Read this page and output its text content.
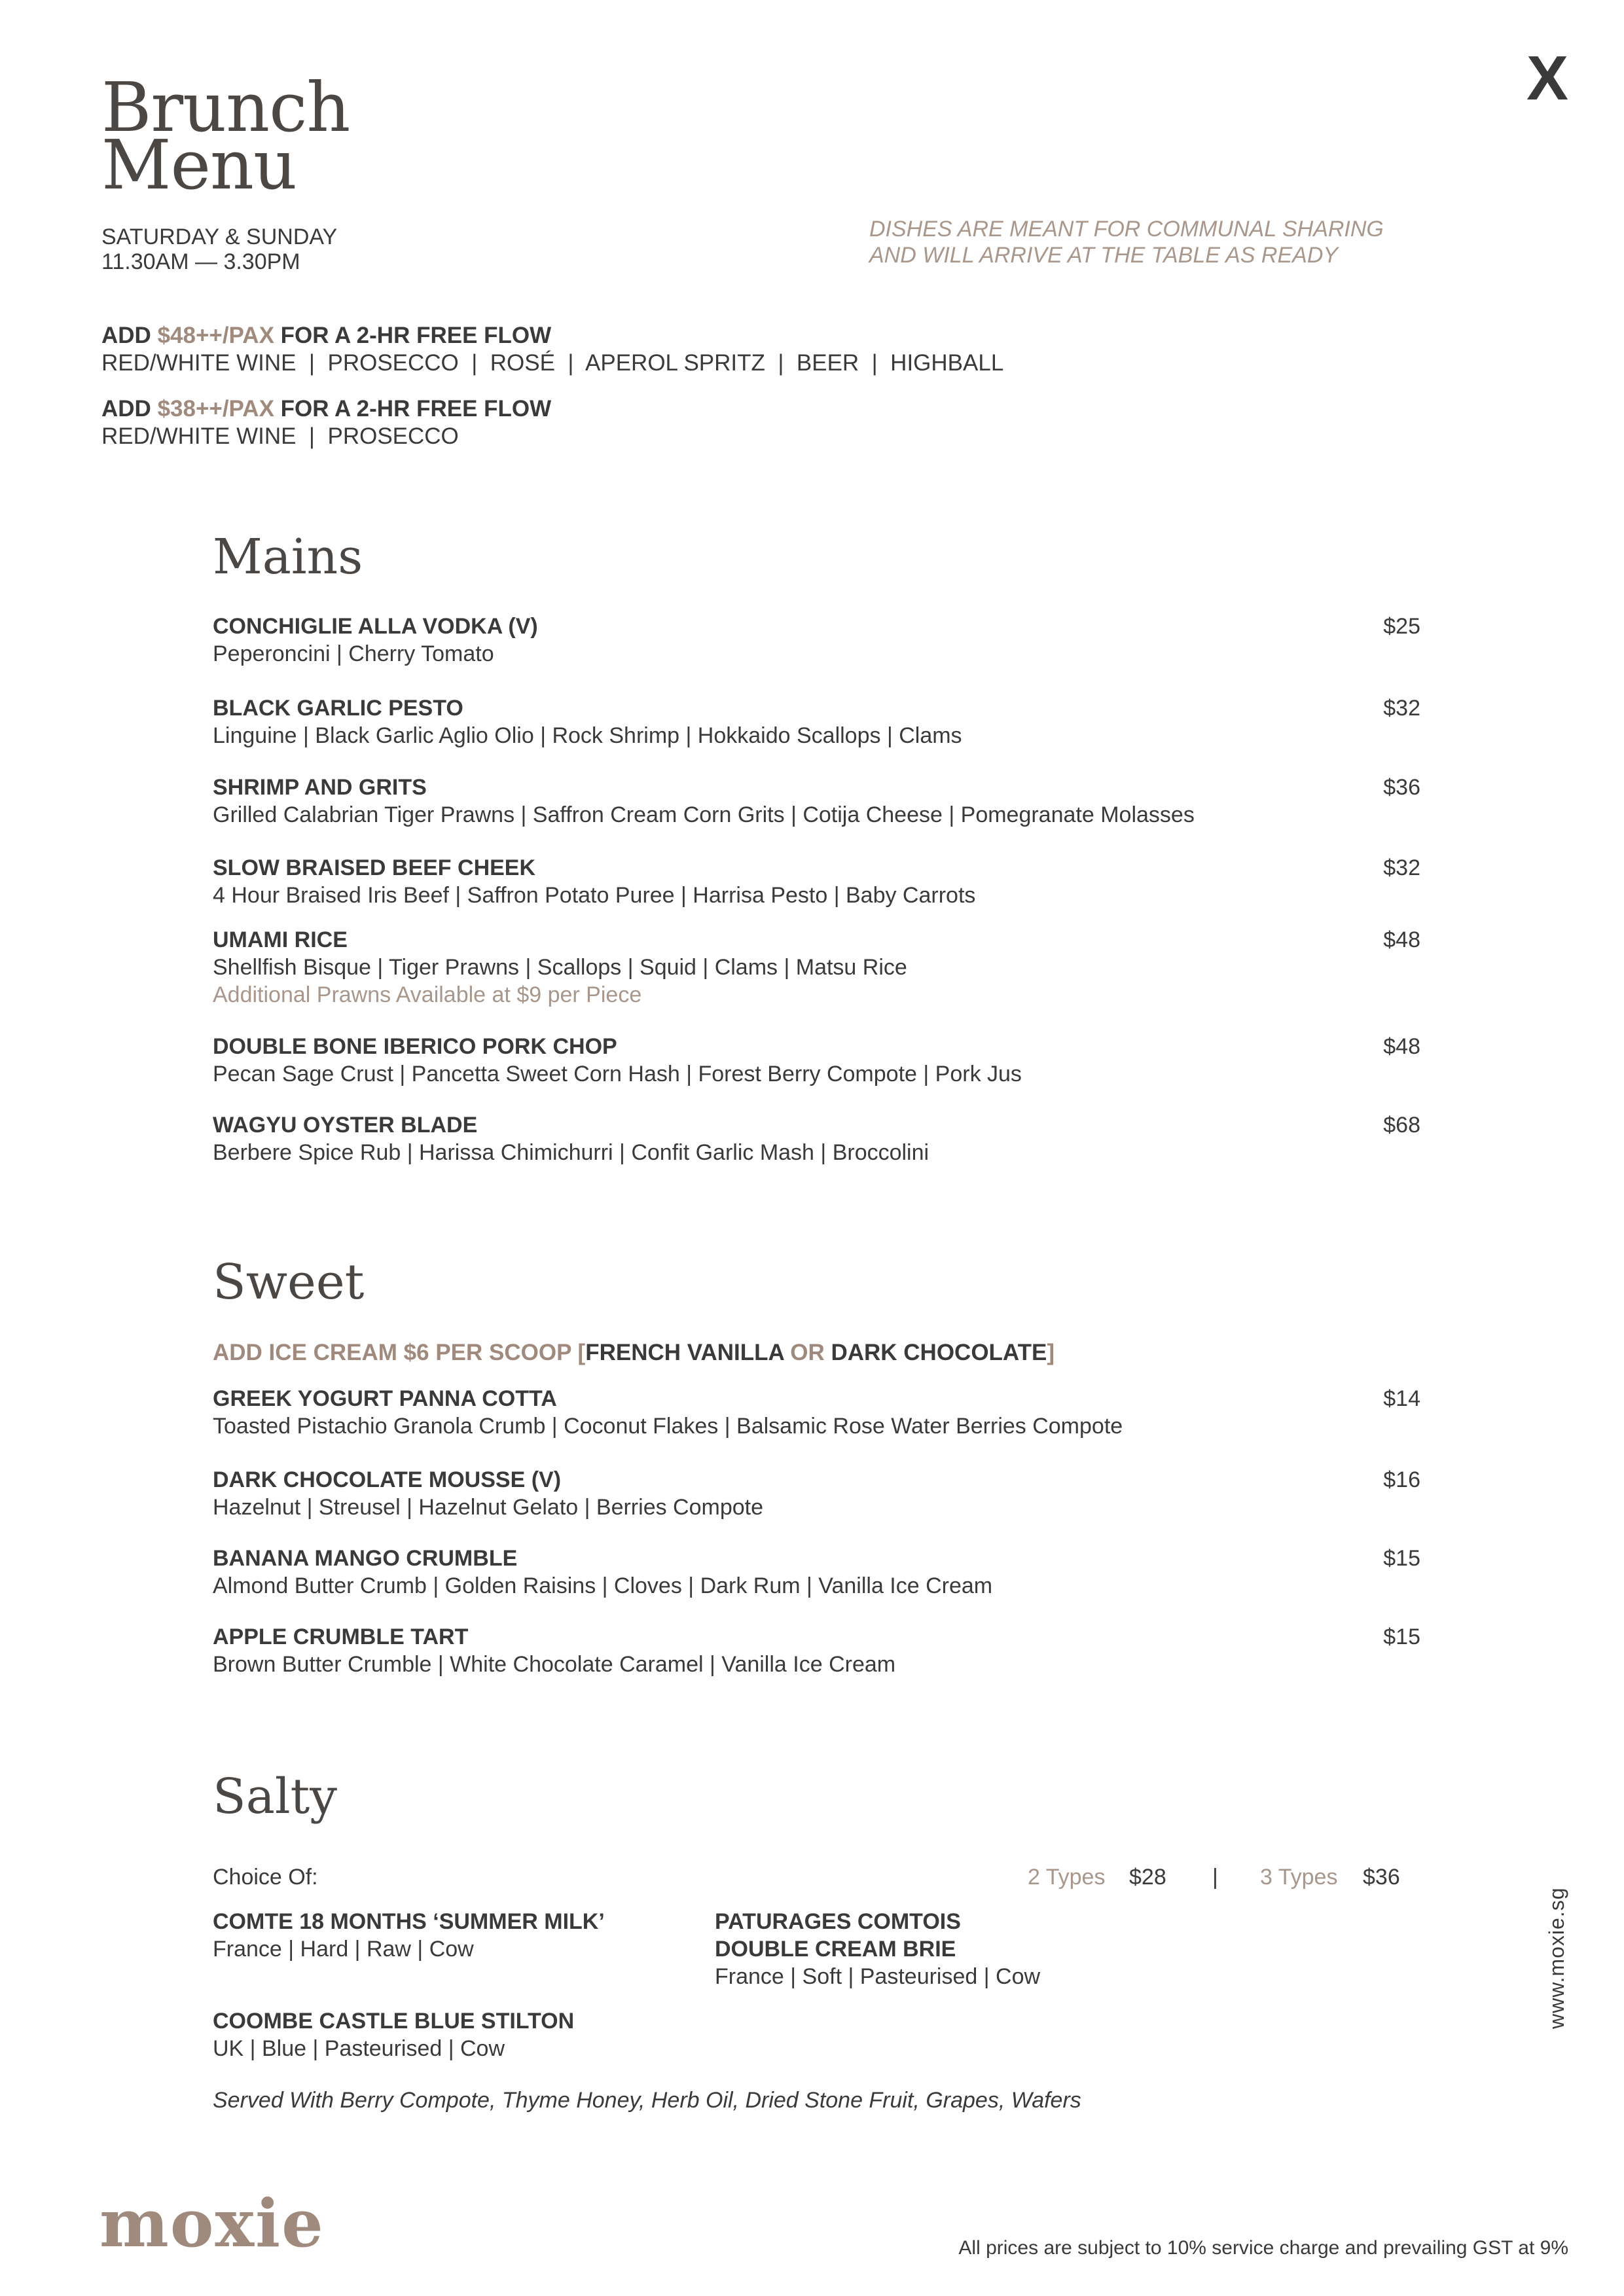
Brunch
Menu
X
SATURDAY & SUNDAY
11.30AM — 3.30PM
DISHES ARE MEANT FOR COMMUNAL SHARING
AND WILL ARRIVE AT THE TABLE AS READY
ADD $48++/PAX FOR A 2-HR FREE FLOW
RED/WHITE WINE  |  PROSECCO  |  ROSÉ  |  APEROL SPRITZ  |  BEER  |  HIGHBALL
ADD $38++/PAX FOR A 2-HR FREE FLOW
RED/WHITE WINE  |  PROSECCO
Mains
CONCHIGLIE ALLA VODKA (V)
Peperoncini | Cherry Tomato
$25
BLACK GARLIC PESTO
Linguine | Black Garlic Aglio Olio | Rock Shrimp | Hokkaido Scallops | Clams
$32
SHRIMP AND GRITS
Grilled Calabrian Tiger Prawns | Saffron Cream Corn Grits | Cotija Cheese | Pomegranate Molasses
$36
SLOW BRAISED BEEF CHEEK
4 Hour Braised Iris Beef | Saffron Potato Puree | Harrisa Pesto | Baby Carrots
$32
UMAMI RICE
Shellfish Bisque | Tiger Prawns | Scallops | Squid | Clams | Matsu Rice
Additional Prawns Available at $9 per Piece
$48
DOUBLE BONE IBERICO PORK CHOP
Pecan Sage Crust | Pancetta Sweet Corn Hash | Forest Berry Compote | Pork Jus
$48
WAGYU OYSTER BLADE
Berbere Spice Rub | Harissa Chimichurri | Confit Garlic Mash | Broccolini
$68
Sweet
ADD ICE CREAM $6 PER SCOOP [FRENCH VANILLA OR DARK CHOCOLATE]
GREEK YOGURT PANNA COTTA
Toasted Pistachio Granola Crumb | Coconut Flakes | Balsamic Rose Water Berries Compote
$14
DARK CHOCOLATE MOUSSE (V)
Hazelnut | Streusel | Hazelnut Gelato | Berries Compote
$16
BANANA MANGO CRUMBLE
Almond Butter Crumb | Golden Raisins | Cloves | Dark Rum | Vanilla Ice Cream
$15
APPLE CRUMBLE TART
Brown Butter Crumble | White Chocolate Caramel | Vanilla Ice Cream
$15
Salty
Choice Of:	2 Types $28 | 3 Types $36
COMTE 18 MONTHS ‘SUMMER MILK’
France | Hard | Raw | Cow
PATURAGES COMTOIS
DOUBLE CREAM BRIE
France | Soft | Pasteurised | Cow
COOMBE CASTLE BLUE STILTON
UK | Blue | Pasteurised | Cow
Served With Berry Compote, Thyme Honey, Herb Oil, Dried Stone Fruit, Grapes, Wafers
moxie
www.moxie.sg
All prices are subject to 10% service charge and prevailing GST at 9%
